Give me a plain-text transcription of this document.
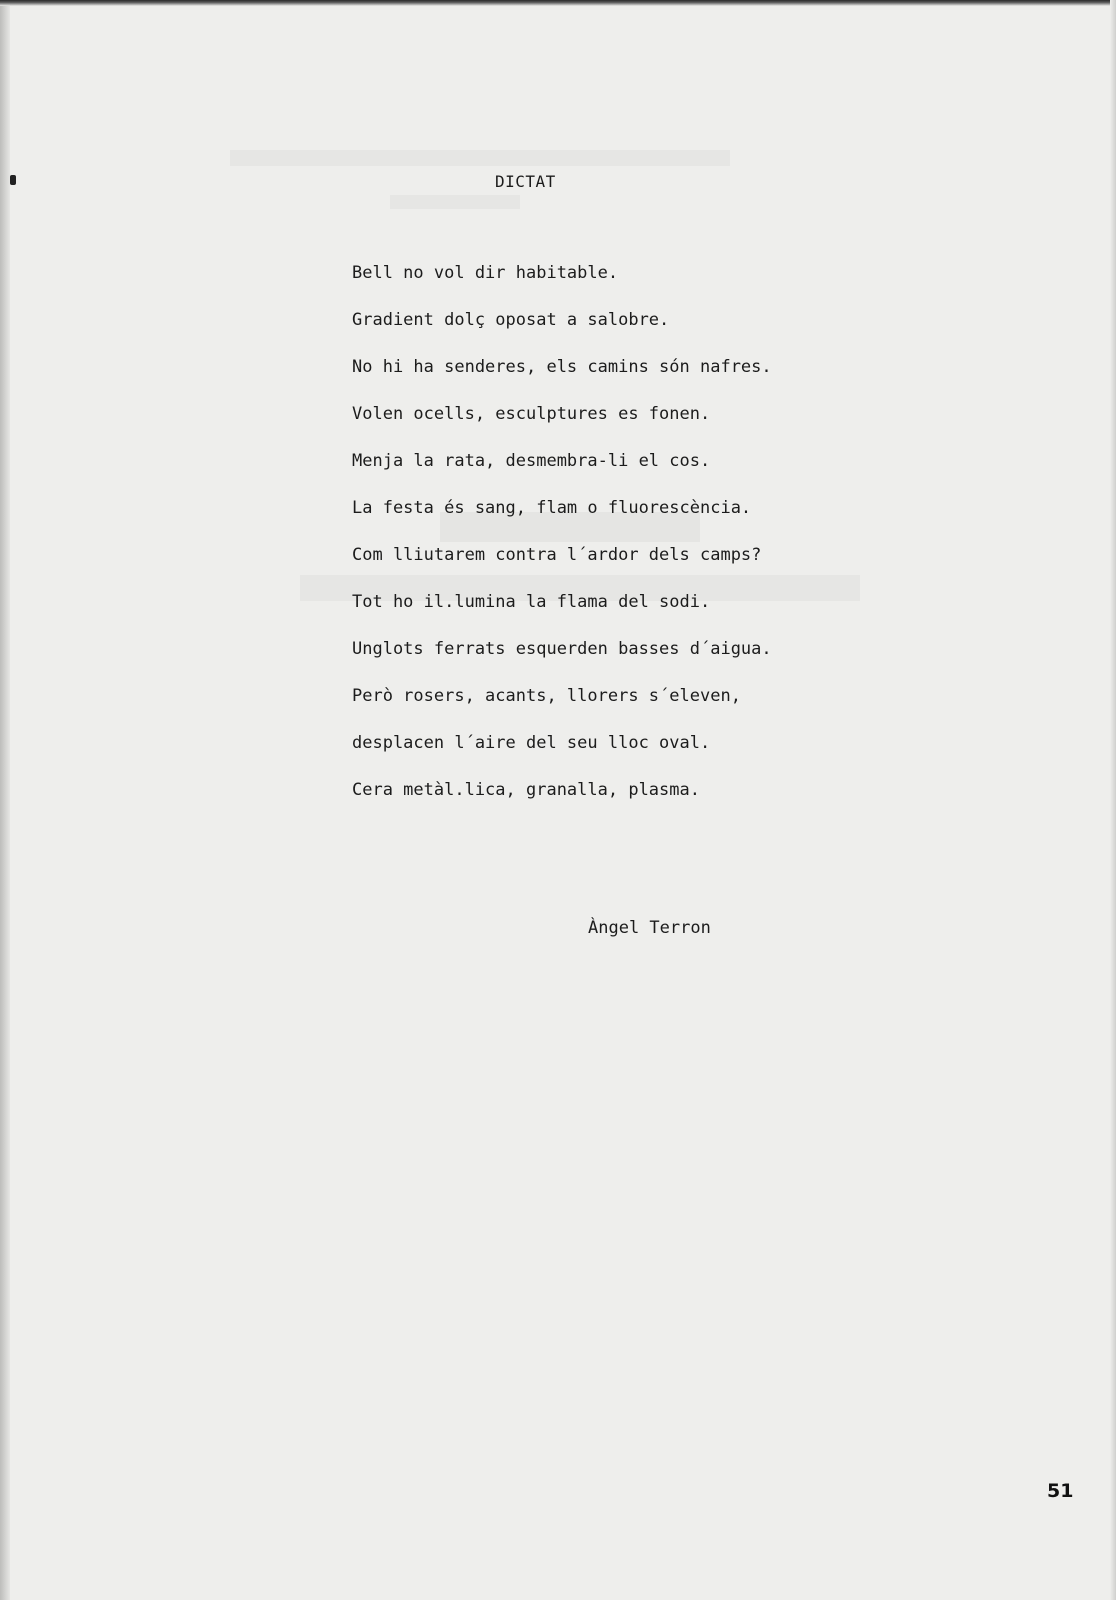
DICTAT
Bell no vol dir habitable.
Gradient dolç oposat a salobre.
No hi ha senderes, els camins són nafres.
Volen ocells, esculptures es fonen.
Menja la rata, desmembra-li el cos.
La festa és sang, flam o fluorescència.
Com lliutarem contra l´ardor dels camps?
Tot ho il.lumina la flama del sodi.
Unglots ferrats esquerden basses d´aigua.
Però rosers, acants, llorers s´eleven,
desplacen l´aire del seu lloc oval.
Cera metàl.lica, granalla, plasma.
Àngel Terron
51
